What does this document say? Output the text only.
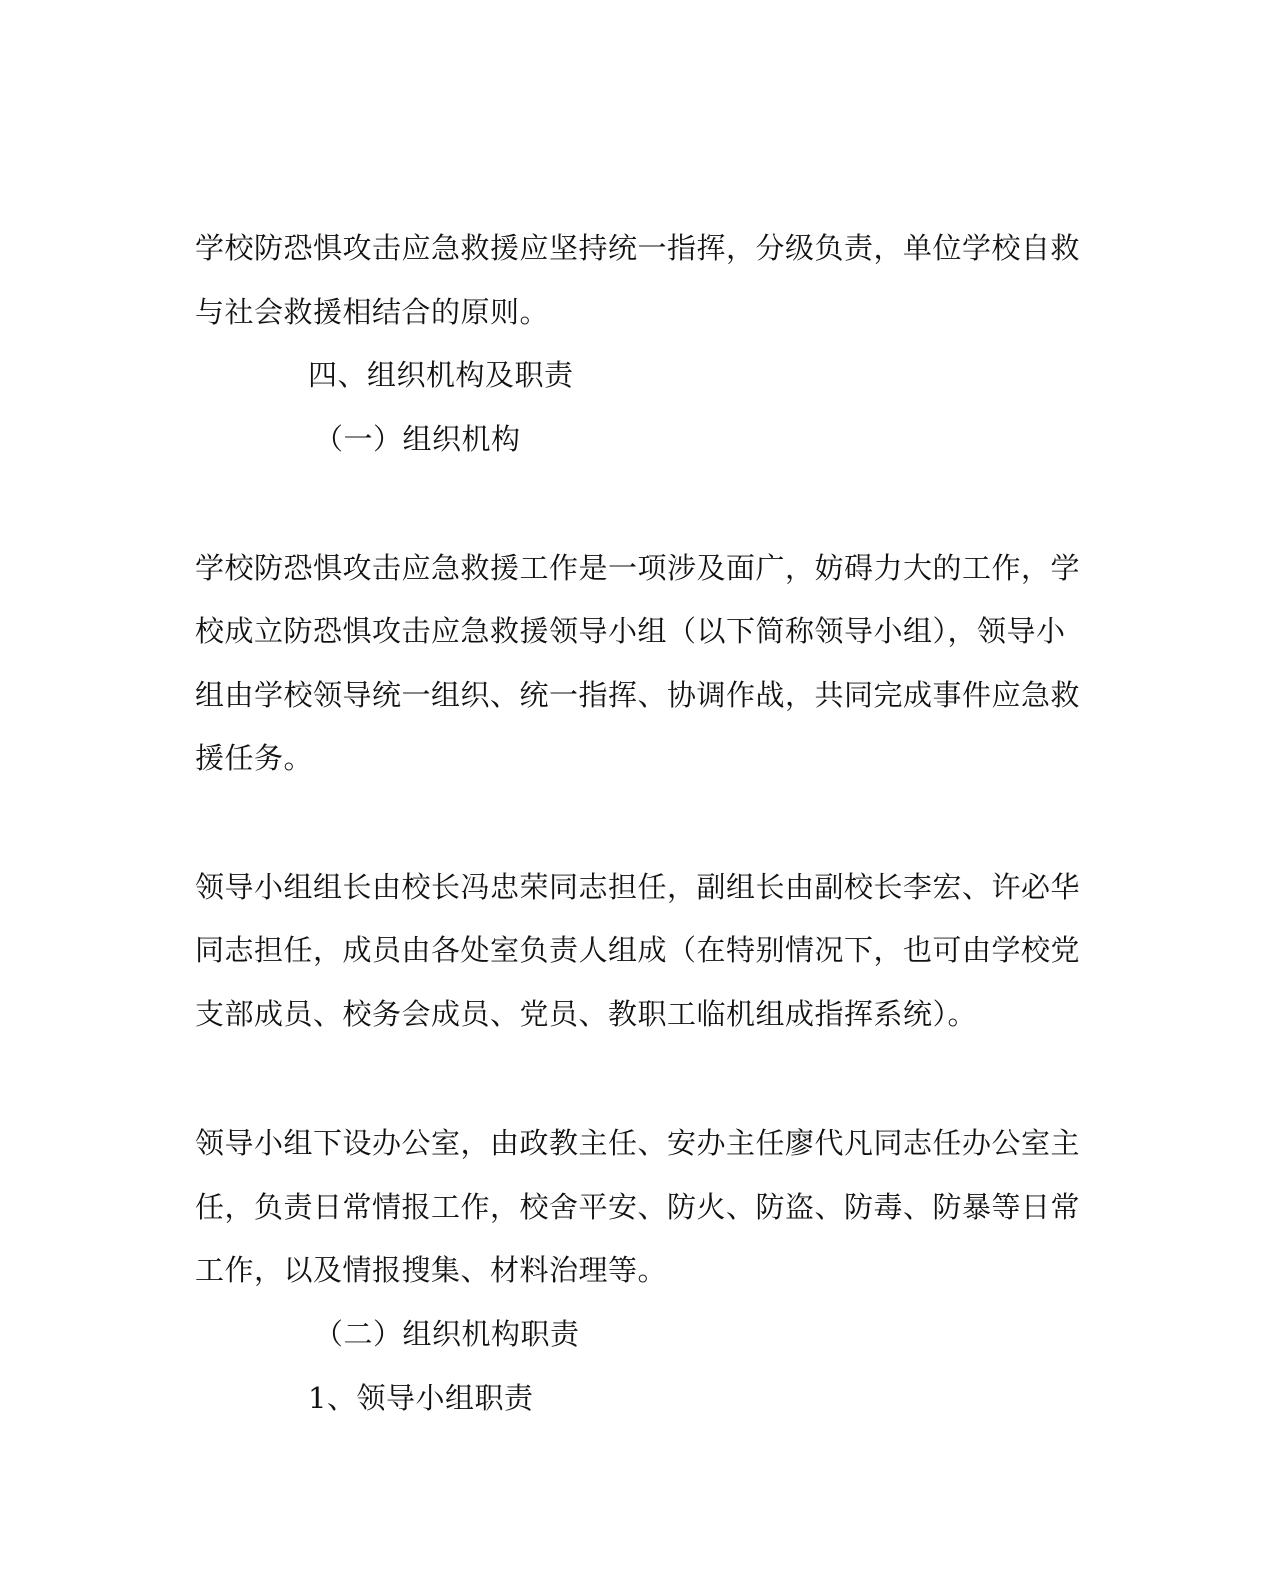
学校防恐惧攻击应急救援应坚持统一指挥，分级负责，单位学校自救
与社会救援相结合的原则。
四、组织机构及职责
（一）组织机构
学校防恐惧攻击应急救援工作是一项涉及面广，妨碍力大的工作，学
校成立防恐惧攻击应急救援领导小组（以下简称领导小组），领导小
组由学校领导统一组织、统一指挥、协调作战，共同完成事件应急救
援任务。
领导小组组长由校长冯忠荣同志担任，副组长由副校长李宏、许必华
同志担任，成员由各处室负责人组成（在特别情况下，也可由学校党
支部成员、校务会成员、党员、教职工临机组成指挥系统）。
领导小组下设办公室，由政教主任、安办主任廖代凡同志任办公室主
任，负责日常情报工作，校舍平安、防火、防盗、防毒、防暴等日常
工作，以及情报搜集、材料治理等。
（二）组织机构职责
1、领导小组职责
